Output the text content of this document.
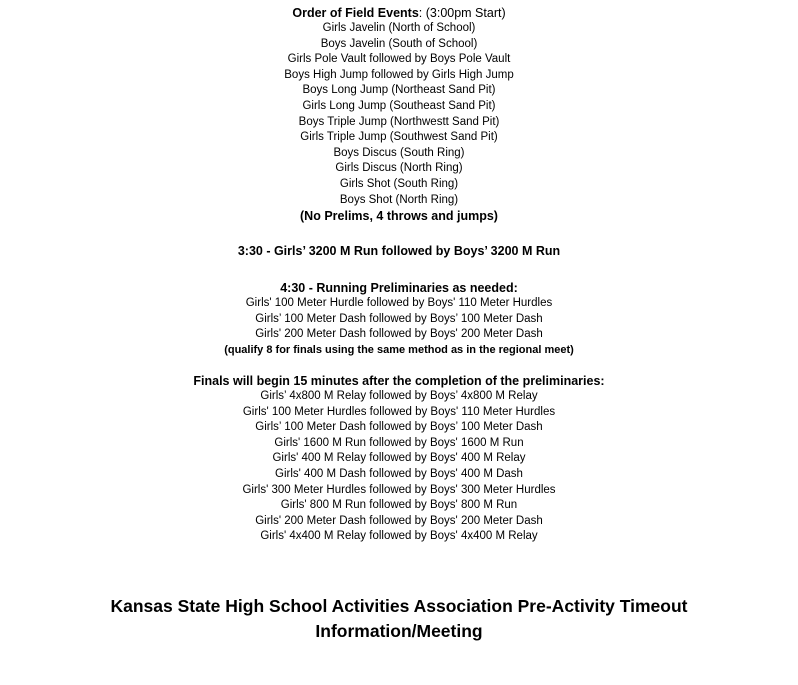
Order of Field Events: (3:00pm Start)
Girls Javelin (North of School)
Boys Javelin (South of School)
Girls Pole Vault followed by Boys Pole Vault
Boys High Jump followed by Girls High Jump
Boys Long Jump (Northeast Sand Pit)
Girls Long Jump (Southeast Sand Pit)
Boys Triple Jump (Northwestt Sand Pit)
Girls Triple Jump (Southwest Sand Pit)
Boys Discus (South Ring)
Girls Discus (North Ring)
Girls Shot (South Ring)
Boys Shot (North Ring)
(No Prelims, 4 throws and jumps)
3:30 - Girls’ 3200 M Run followed by Boys’ 3200 M Run
4:30 - Running Preliminaries as needed:
Girls' 100 Meter Hurdle followed by Boys' 110 Meter Hurdles
Girls’ 100 Meter Dash followed by Boys’ 100 Meter Dash
Girls' 200 Meter Dash followed by Boys' 200 Meter Dash
(qualify 8 for finals using the same method as in the regional meet)
Finals will begin 15 minutes after the completion of the preliminaries:
Girls’ 4x800 M Relay followed by Boys’ 4x800 M Relay
Girls' 100 Meter Hurdles followed by Boys' 110 Meter Hurdles
Girls’ 100 Meter Dash followed by Boys’ 100 Meter Dash
Girls' 1600 M Run followed by Boys' 1600 M Run
Girls' 400 M Relay followed by Boys' 400 M Relay
Girls' 400 M Dash followed by Boys' 400 M Dash
Girls' 300 Meter Hurdles followed by Boys' 300 Meter Hurdles
Girls' 800 M Run followed by Boys' 800 M Run
Girls' 200 Meter Dash followed by Boys' 200 Meter Dash
Girls' 4x400 M Relay followed by Boys' 4x400 M Relay
Kansas State High School Activities Association Pre-Activity Timeout
Information/Meeting
